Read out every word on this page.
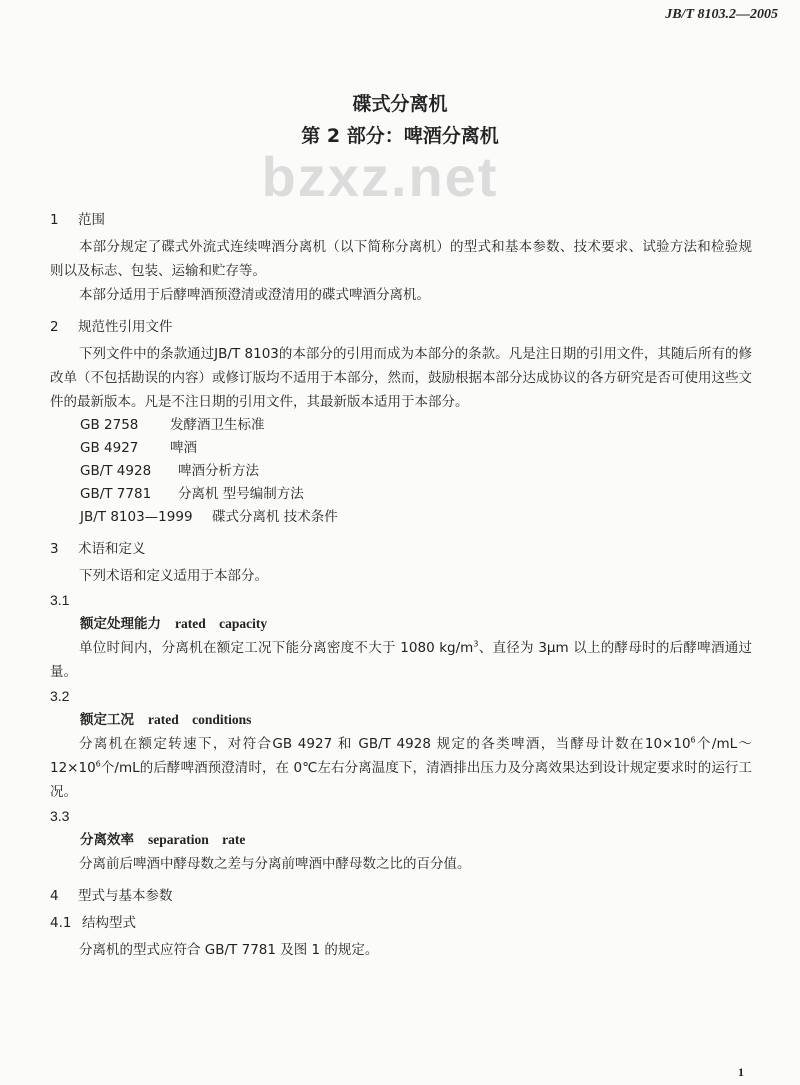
JB/T 8103.2—2005
碟式分离机
第 2 部分：啤酒分离机
bzxz.net
1 范围
本部分规定了碟式外流式连续啤酒分离机（以下简称分离机）的型式和基本参数、技术要求、试验方法和检验规则以及标志、包装、运输和贮存等。
本部分适用于后酵啤酒预澄清或澄清用的碟式啤酒分离机。
2 规范性引用文件
下列文件中的条款通过JB/T 8103的本部分的引用而成为本部分的条款。凡是注日期的引用文件，其随后所有的修改单（不包括勘误的内容）或修订版均不适用于本部分，然而，鼓励根据本部分达成协议的各方研究是否可使用这些文件的最新版本。凡是不注日期的引用文件，其最新版本适用于本部分。
GB 2758 发酵酒卫生标准
GB 4927 啤酒
GB/T 4928 啤酒分析方法
GB/T 7781 分离机 型号编制方法
JB/T 8103—1999 碟式分离机 技术条件
3 术语和定义
下列术语和定义适用于本部分。
3.1
额定处理能力 rated capacity
单位时间内，分离机在额定工况下能分离密度不大于 1080 $kg/m^3$、直径为 3μm 以上的酵母时的后酵啤酒通过量。
3.2
额定工况 rated conditions
分离机在额定转速下，对符合GB 4927 和 GB/T 4928 规定的各类啤酒，当酵母计数在$10\times 10^6$个$/mL\sim 12\times 10^6$个/mL的后酵啤酒预澄清时，在 0℃左右分离温度下，清酒排出压力及分离效果达到设计规定要求时的运行工况。
3.3
分离效率 separation rate
分离前后啤酒中酵母数之差与分离前啤酒中酵母数之比的百分值。
4 型式与基本参数
4.1 结构型式
分离机的型式应符合 GB/T 7781 及图 1 的规定。
1
